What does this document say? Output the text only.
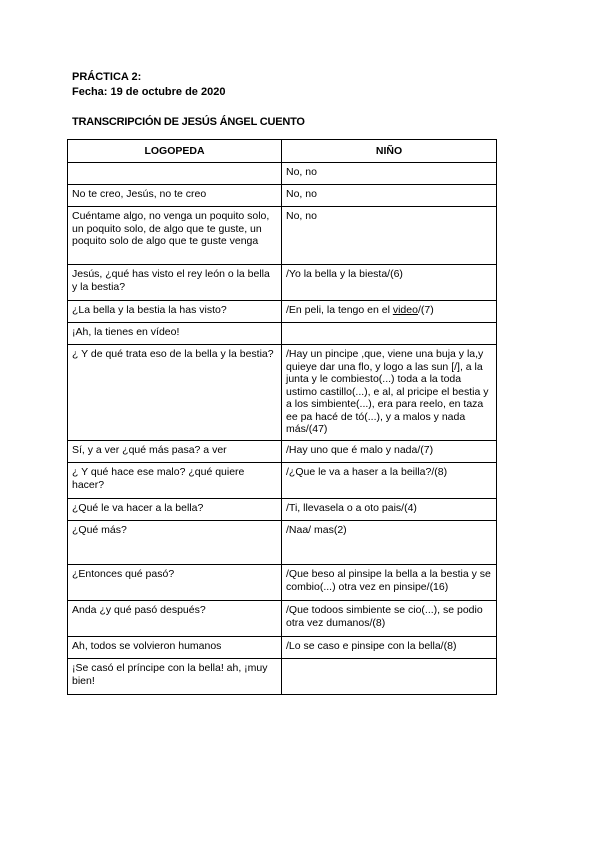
PRÁCTICA 2:
Fecha: 19 de octubre de 2020
TRANSCRIPCIÓN DE JESÚS ÁNGEL CUENTO
LOGOPEDA	NIÑO
	No, no
No te creo, Jesús, no te creo	No, no
Cuéntame algo, no venga un poquito solo, un poquito solo, de algo que te guste, un poquito solo de algo que te guste venga	No, no
Jesús, ¿qué has visto el rey león o la bella y la bestia?	/Yo la bella y la biesta/(6)
¿La bella y la bestia la has visto?	/En peli, la tengo en el video/(7)
¡Ah, la tienes en vídeo!	
¿ Y de qué trata eso de la bella y la bestia?	/Hay un pincipe ,que, viene una buja y la,y quieye dar una flo, y logo a las sun [/], a la junta y le combiesto(...) toda a la toda ustimo castillo(...), e al, al pricipe el bestia y a los simbiente(...), era para reelo, en taza ee pa hacé de tó(...), y a malos y nada más/(47)
Sí, y a ver ¿qué más pasa? a ver	/Hay uno que é malo y nada/(7)
¿ Y qué hace ese malo? ¿qué quiere hacer?	/¿Que le va a haser a la beilla?/(8)
¿Qué le va hacer a la bella?	/Ti, llevasela o a oto pais/(4)
¿Qué más?	/Naa/ mas(2)
¿Entonces qué pasó?	/Que beso al pinsipe la bella a la bestia y se combio(...) otra vez en pinsipe/(16)
Anda ¿y qué pasó después?	/Que todoos simbiente se cio(...), se podio otra vez dumanos/(8)
Ah, todos se volvieron humanos	/Lo se caso e pinsipe con la bella/(8)
¡Se casó el príncipe con la bella! ah, ¡muy bien!	
